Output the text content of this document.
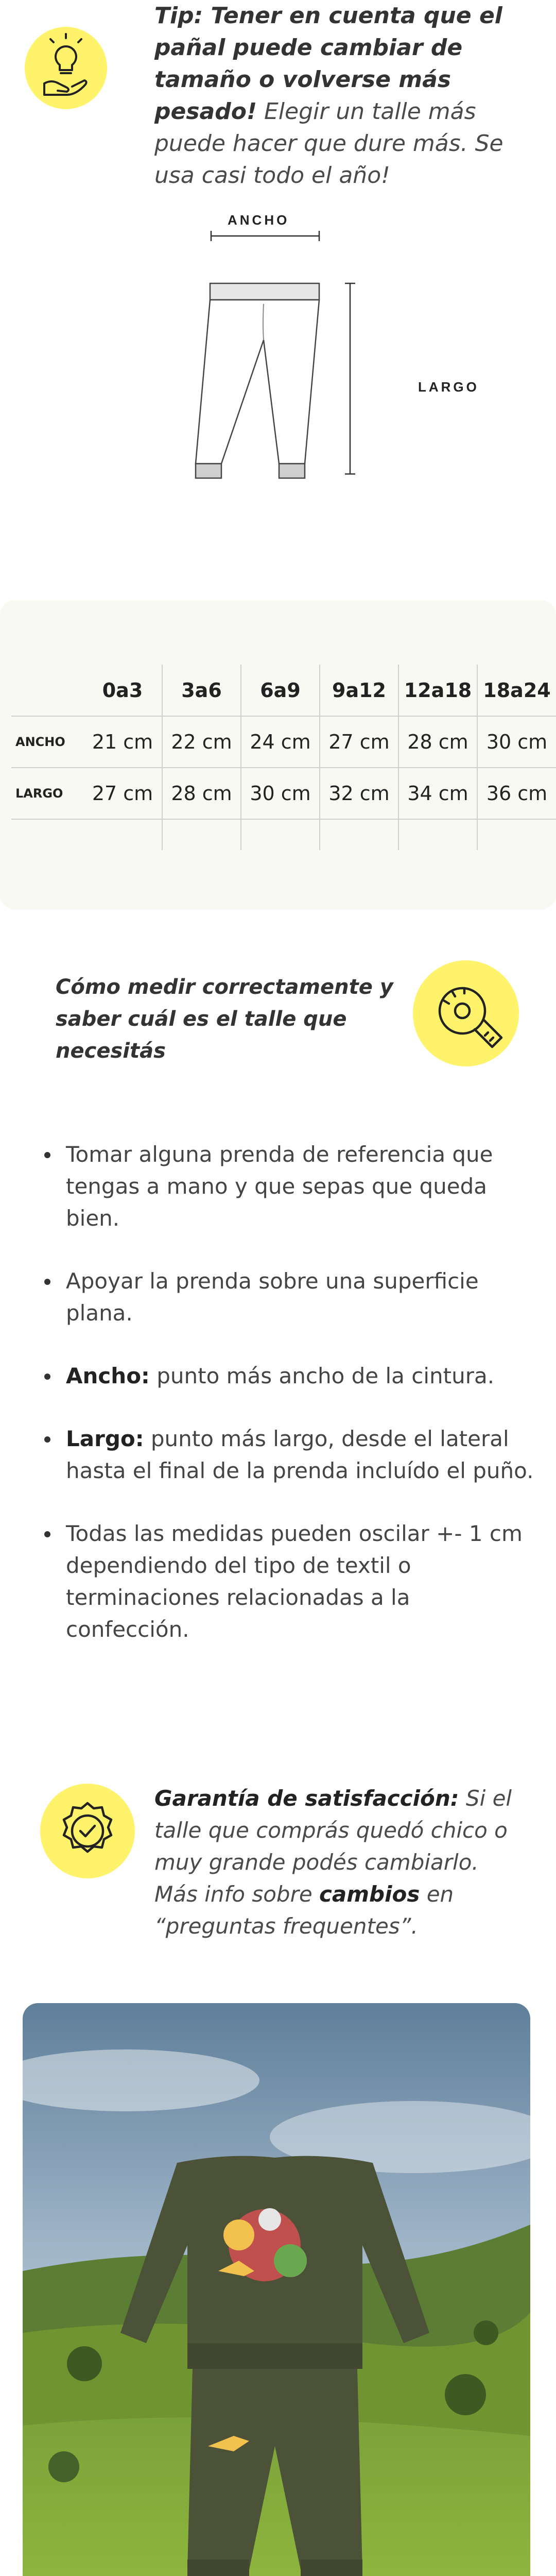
Tip: Tener en cuenta que el pañal puede cambiar de tamaño o volverse más pesado! Elegir un talle más puede hacer que dure más. Se usa casi todo el año!
ANCHO
LARGO
	0a3	3a6	6a9	9a12	12a18	18a24
ANCHO	21 cm	22 cm	24 cm	27 cm	28 cm	30 cm
LARGO	27 cm	28 cm	30 cm	32 cm	34 cm	36 cm

Cómo medir correctamente y saber cuál es el talle que necesitás
Tomar alguna prenda de referencia que tengas a mano y que sepas que queda bien.
Apoyar la prenda sobre una superficie plana.
Ancho: punto más ancho de la cintura.
Largo: punto más largo, desde el lateral hasta el final de la prenda incluído el puño.
Todas las medidas pueden oscilar +- 1 cm dependiendo del tipo de textil o terminaciones relacionadas a la confección.
Garantía de satisfacción: Si el talle que comprás quedó chico o muy grande podés cambiarlo. Más info sobre cambios en “preguntas frequentes”.
